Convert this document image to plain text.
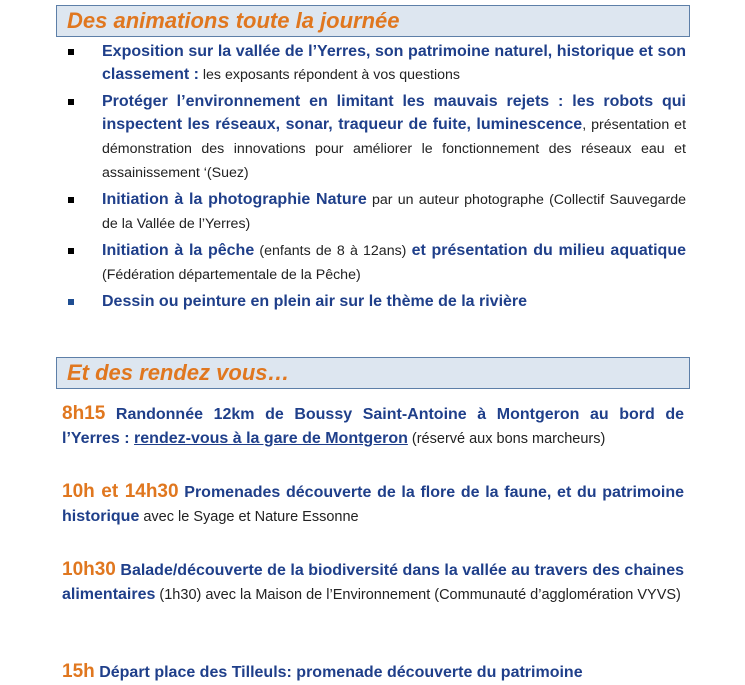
Des animations toute la journée
Exposition sur la vallée de l’Yerres, son patrimoine naturel, historique et son classement : les exposants répondent à vos questions
Protéger l’environnement en limitant les mauvais rejets : les robots qui inspectent les réseaux, sonar, traqueur de fuite, luminescence, présentation et démonstration des innovations pour améliorer le fonctionnement des réseaux eau et assainissement ‘(Suez)
Initiation à la photographie Nature par un auteur photographe (Collectif Sauvegarde de la Vallée de l’Yerres)
Initiation à la pêche (enfants de 8 à 12ans) et présentation du milieu aquatique (Fédération départementale de la Pêche)
Dessin ou peinture en plein air sur le thème de la rivière
Et des rendez vous…
8h15 Randonnée 12km de Boussy Saint-Antoine à Montgeron au bord de l’Yerres : rendez-vous à la gare de Montgeron (réservé aux bons marcheurs)
10h et 14h30 Promenades découverte de la flore de la faune, et du patrimoine historique avec le Syage et Nature Essonne
10h30 Balade/découverte de la biodiversité dans la vallée au travers des chaines alimentaires (1h30) avec la Maison de l’Environnement (Communauté d’agglomération VYVS)
15h Départ place des Tilleuls: promenade découverte du patrimoine
